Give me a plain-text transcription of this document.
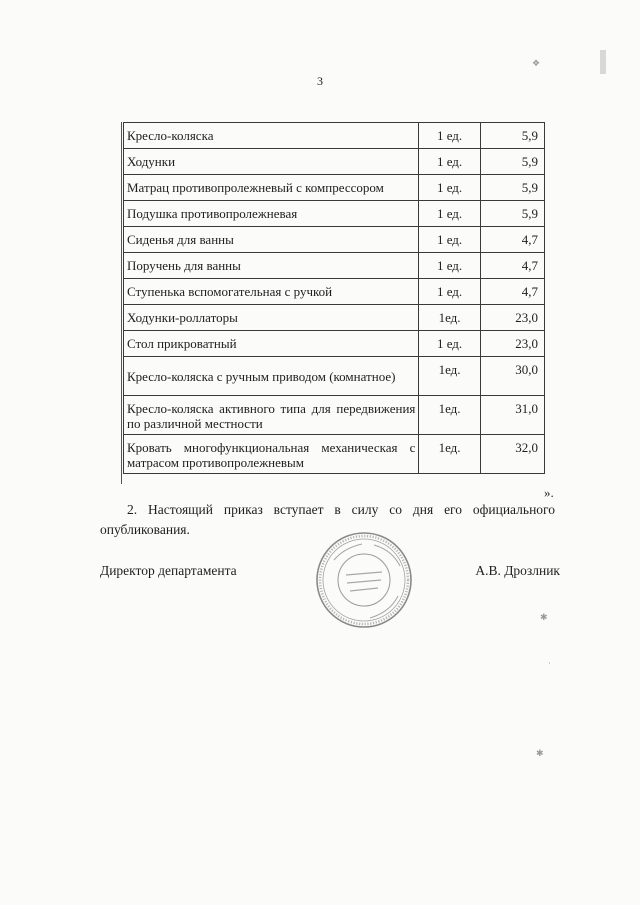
3
Кресло-коляска	1 ед.	5,9
Ходунки	1 ед.	5,9
Матрац противопролежневый с компрессором	1 ед.	5,9
Подушка противопролежневая	1 ед.	5,9
Сиденья для ванны	1 ед.	4,7
Поручень для ванны	1 ед.	4,7
Ступенька вспомогательная с ручкой	1 ед.	4,7
Ходунки-роллаторы	1ед.	23,0
Стол прикроватный	1 ед.	23,0
Кресло-коляска с ручным приводом (комнатное)	1ед.	30,0
Кресло-коляска активного типа для передвижения по различной местности	1ед.	31,0
Кровать многофункциональная механическая с матрасом противопролежневым	1ед.	32,0
».
2. Настоящий приказ вступает в силу со дня его официального опубликования.
Директор департамента	А.В. Дрозлник
❖
✱
✱
·
